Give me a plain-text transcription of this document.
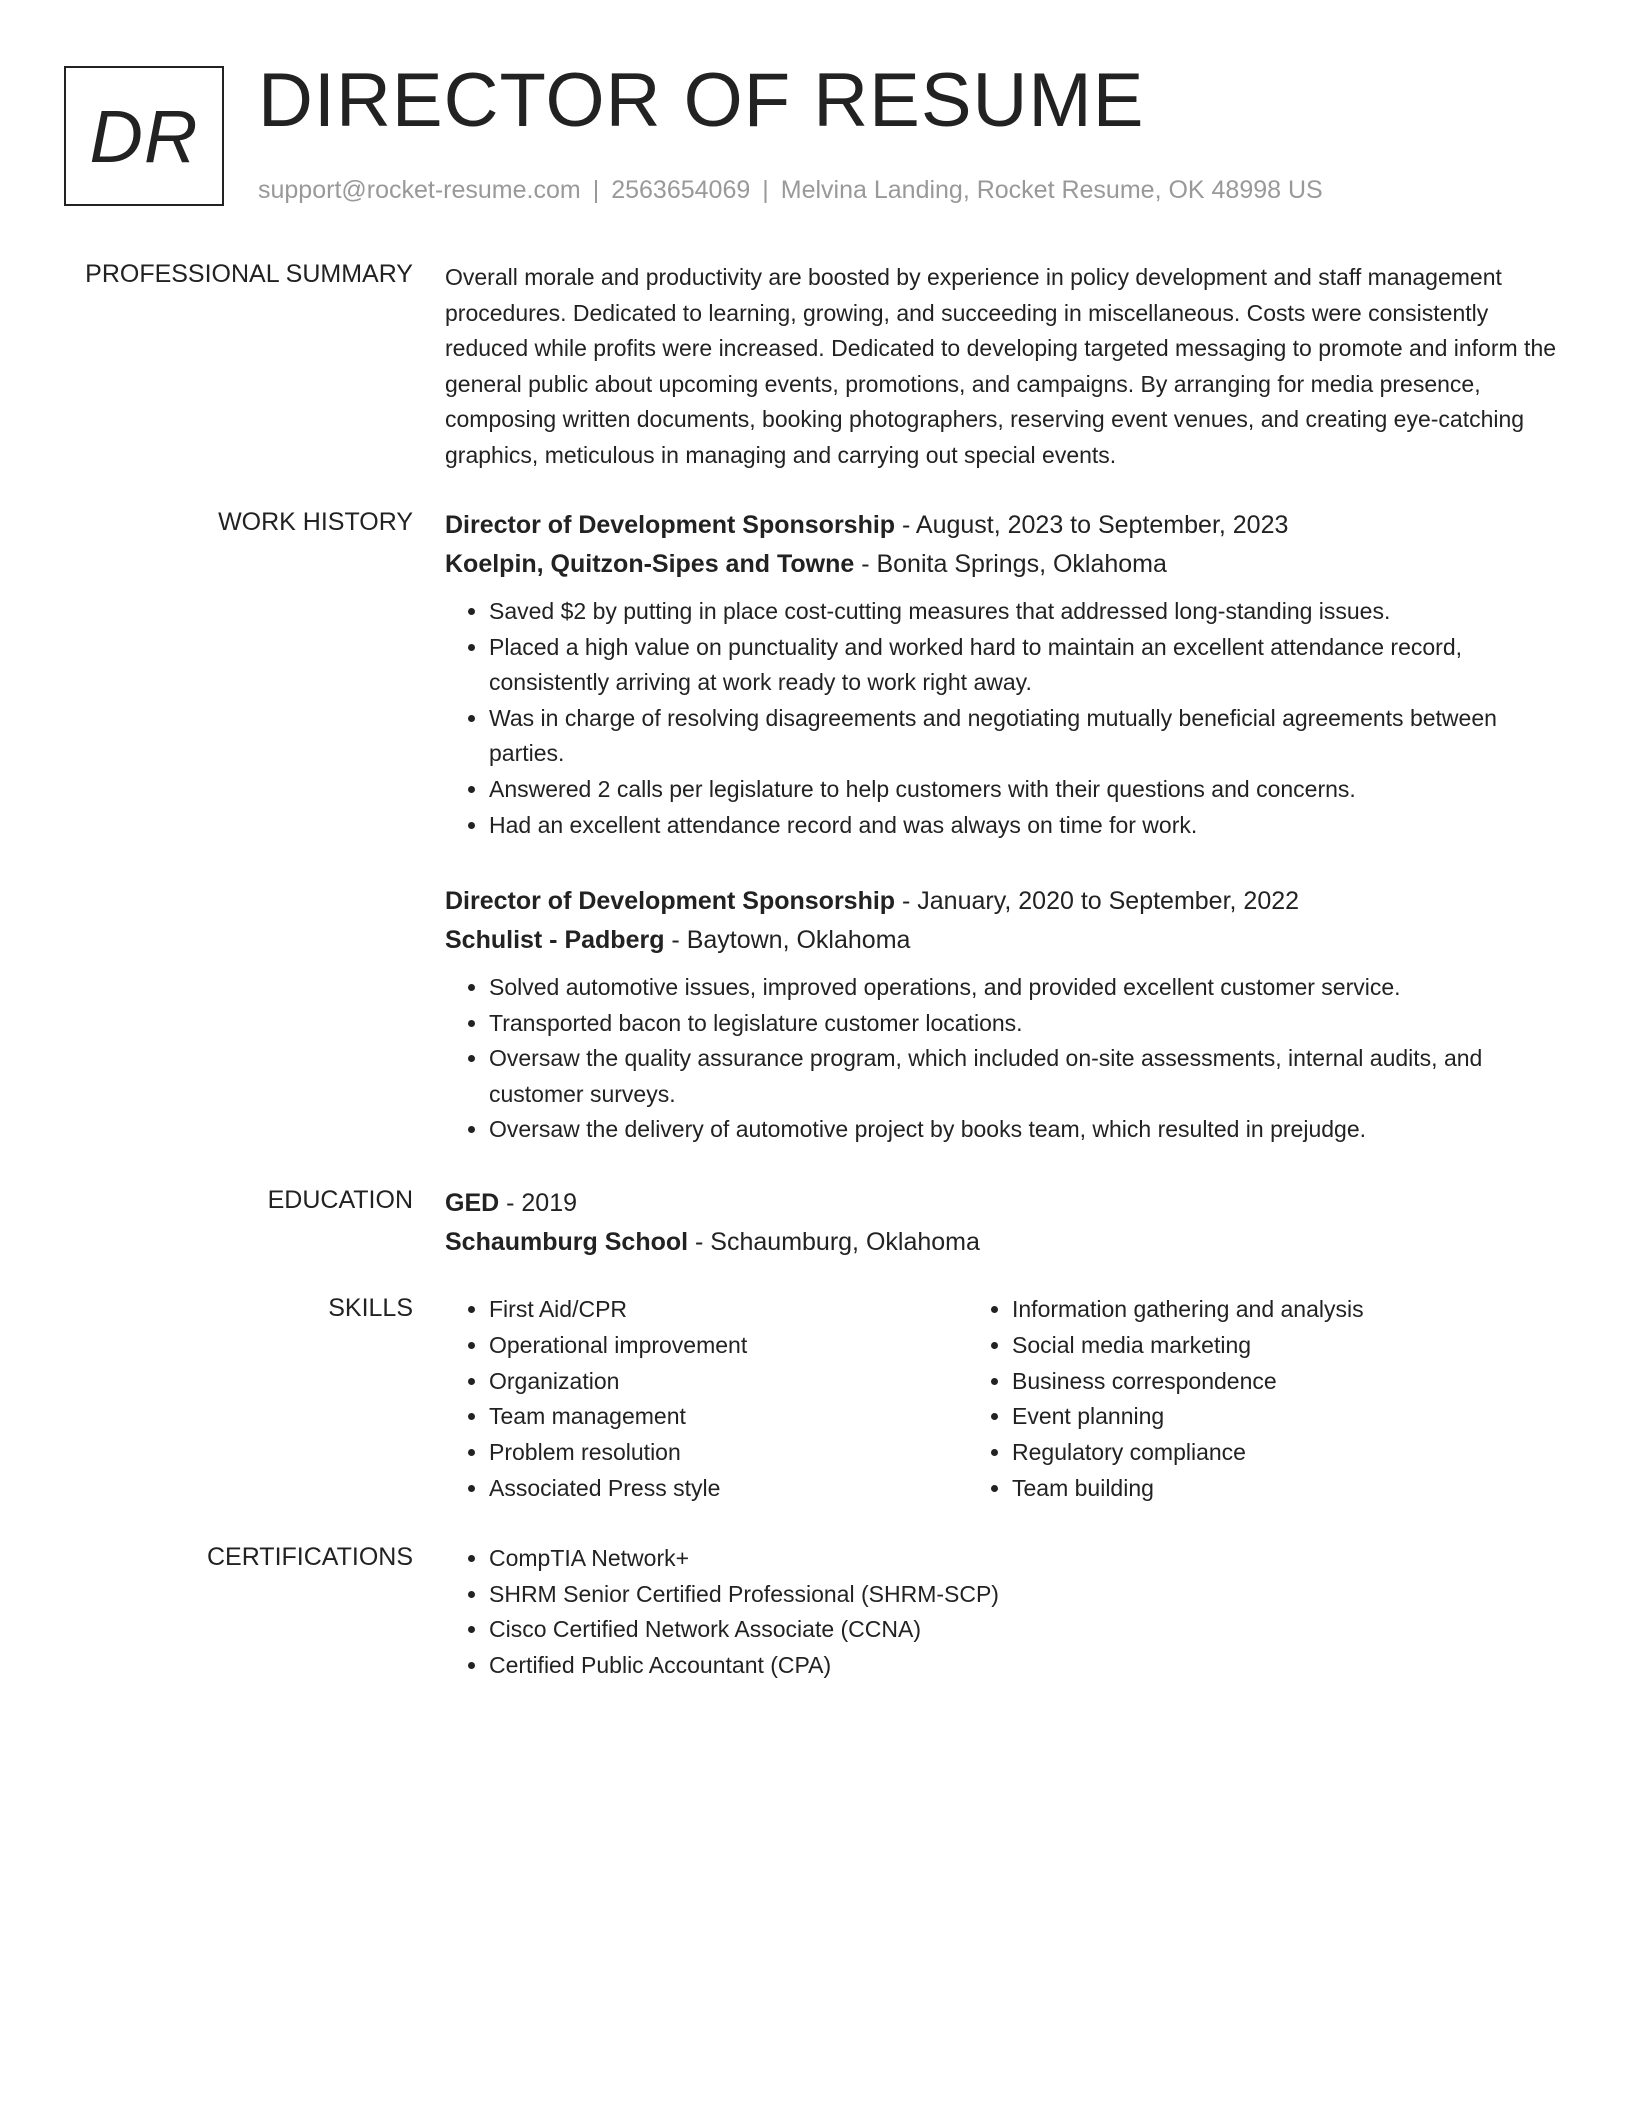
DR DIRECTOR OF RESUME
support@rocket-resume.com | 2563654069 | Melvina Landing, Rocket Resume, OK 48998 US
PROFESSIONAL SUMMARY Overall morale and productivity are boosted by experience in policy development and staff management procedures. Dedicated to learning, growing, and succeeding in miscellaneous. Costs were consistently reduced while profits were increased. Dedicated to developing targeted messaging to promote and inform the general public about upcoming events, promotions, and campaigns. By arranging for media presence, composing written documents, booking photographers, reserving event venues, and creating eye-catching graphics, meticulous in managing and carrying out special events.

WORK HISTORY Director of Development Sponsorship - August, 2023 to September, 2023
Koelpin, Quitzon-Sipes and Towne - Bonita Springs, Oklahoma
• Saved $2 by putting in place cost-cutting measures that addressed long-standing issues.
• Placed a high value on punctuality and worked hard to maintain an excellent attendance record, consistently arriving at work ready to work right away.
• Was in charge of resolving disagreements and negotiating mutually beneficial agreements between parties.
• Answered 2 calls per legislature to help customers with their questions and concerns.
• Had an excellent attendance record and was always on time for work.
Director of Development Sponsorship - January, 2020 to September, 2022
Schulist - Padberg - Baytown, Oklahoma
• Solved automotive issues, improved operations, and provided excellent customer service.
• Transported bacon to legislature customer locations.
• Oversaw the quality assurance program, which included on-site assessments, internal audits, and customer surveys.
• Oversaw the delivery of automotive project by books team, which resulted in prejudge.
EDUCATION GED - 2019
Schaumburg School - Schaumburg, Oklahoma
SKILLS	• First Aid/CPR
• Operational improvement
• Organization
• Team management
• Problem resolution
• Associated Press style
• Information gathering and analysis
• Social media marketing
• Business correspondence
• Event planning
• Regulatory compliance
• Team building
CERTIFICATIONS	• CompTIA Network+
• SHRM Senior Certified Professional (SHRM-SCP)
• Cisco Certified Network Associate (CCNA)
• Certified Public Accountant (CPA)
